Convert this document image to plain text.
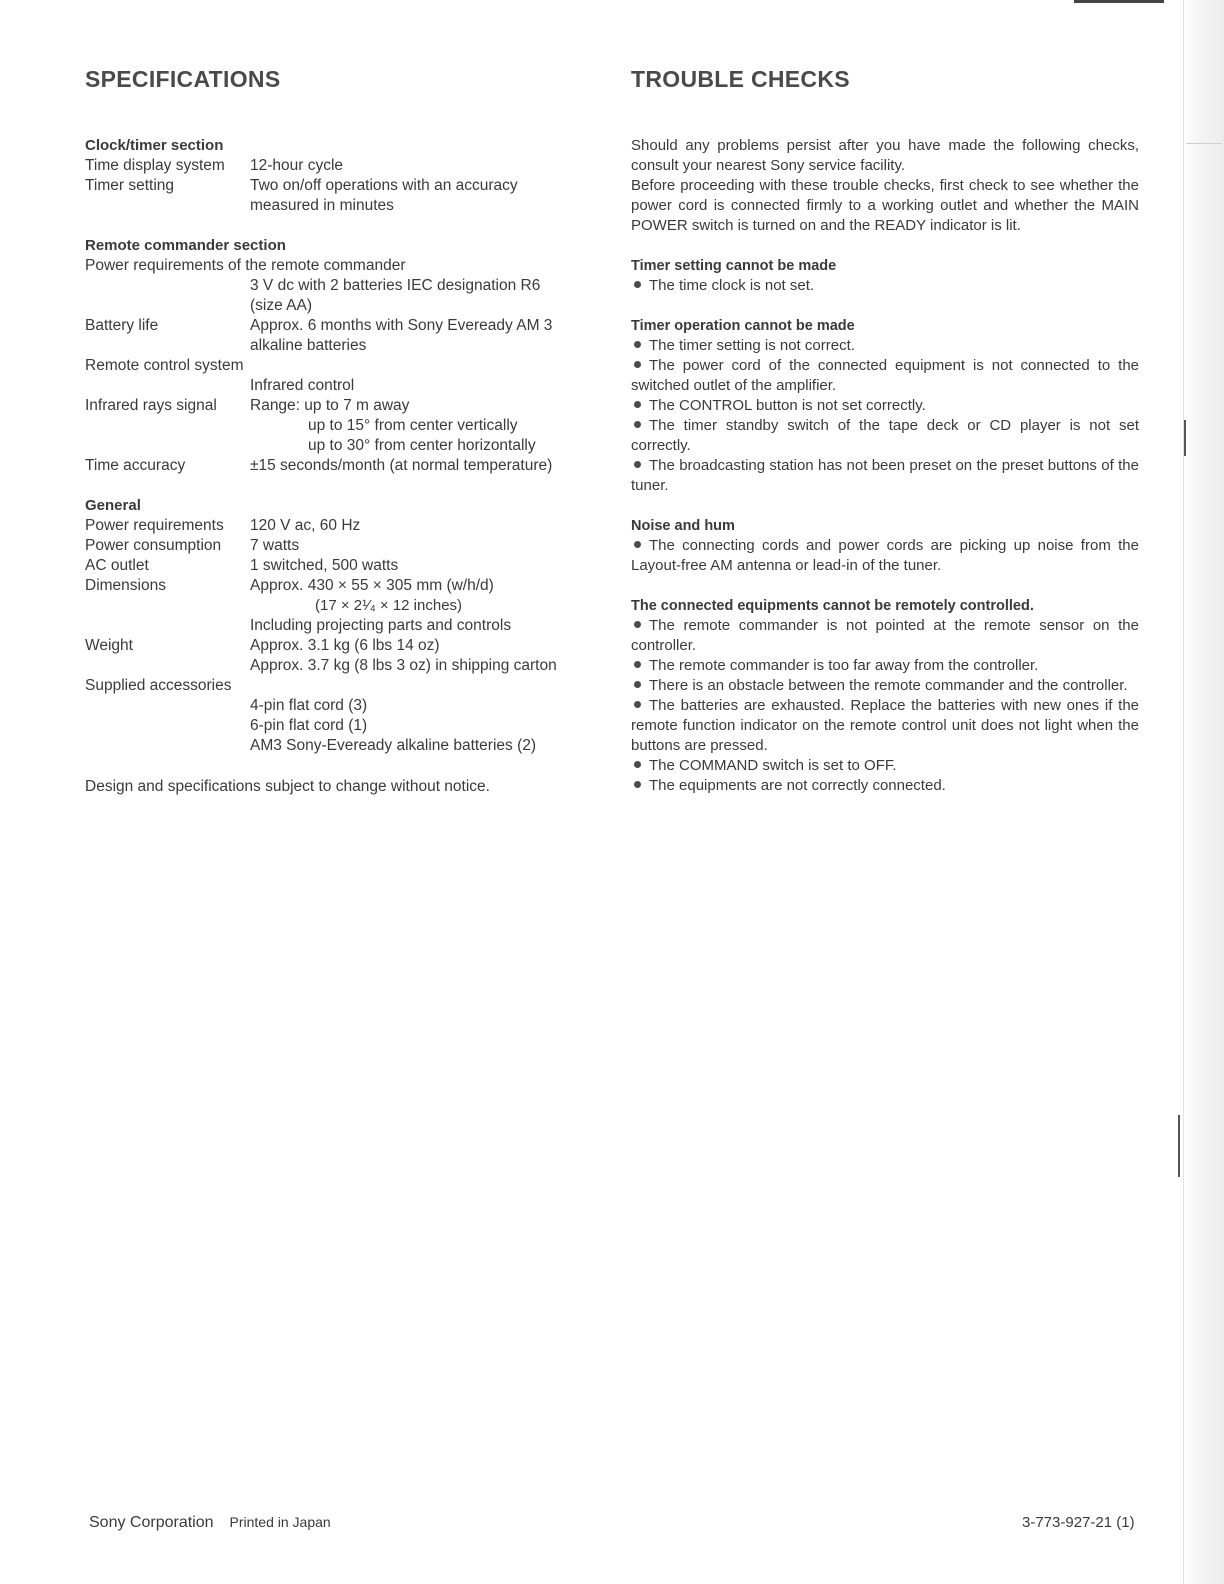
SPECIFICATIONS
Clock/timer section
Time display system	12-hour cycle
Timer setting	Two on/off operations with an accuracy
measured in minutes
Remote commander section
Power requirements of the remote commander
3 V dc with 2 batteries IEC designation R6
(size AA)
Battery life	Approx. 6 months with Sony Eveready AM 3
alkaline batteries
Remote control system
Infrared control
Infrared rays signal	Range: up to 7 m away
up to 15° from center vertically
up to 30° from center horizontally
Time accuracy	±15 seconds/month (at normal temperature)
General
Power requirements	120 V ac, 60 Hz
Power consumption	7 watts
AC outlet	1 switched, 500 watts
Dimensions	Approx. 430 × 55 × 305 mm (w/h/d)
(17 × 2¹⁄₄ × 12 inches)
Including projecting parts and controls
Weight	Approx. 3.1 kg (6 lbs 14 oz)
Approx. 3.7 kg (8 lbs 3 oz) in shipping carton
Supplied accessories
4-pin flat cord (3)
6-pin flat cord (1)
AM3 Sony-Eveready alkaline batteries (2)
Design and specifications subject to change without notice.
TROUBLE CHECKS

Should any problems persist after you have made the following checks, consult your nearest Sony service facility.

Before proceeding with these trouble checks, first check to see whether the power cord is connected firmly to a working outlet and whether the MAIN POWER switch is turned on and the READY indicator is lit.

Timer setting cannot be made
The time clock is not set.
Timer operation cannot be made
The timer setting is not correct.
The power cord of the connected equipment is not connected to the switched outlet of the amplifier.
The CONTROL button is not set correctly.
The timer standby switch of the tape deck or CD player is not set correctly.
The broadcasting station has not been preset on the preset buttons of the tuner.
Noise and hum
The connecting cords and power cords are picking up noise from the Layout-free AM antenna or lead-in of the tuner.
The connected equipments cannot be remotely controlled.
The remote commander is not pointed at the remote sensor on the controller.
The remote commander is too far away from the controller.
There is an obstacle between the remote commander and the controller.
The batteries are exhausted. Replace the batteries with new ones if the remote function indicator on the remote control unit does not light when the buttons are pressed.
The COMMAND switch is set to OFF.
The equipments are not correctly connected.
Sony Corporation Printed in Japan	3-773-927-21 (1)
